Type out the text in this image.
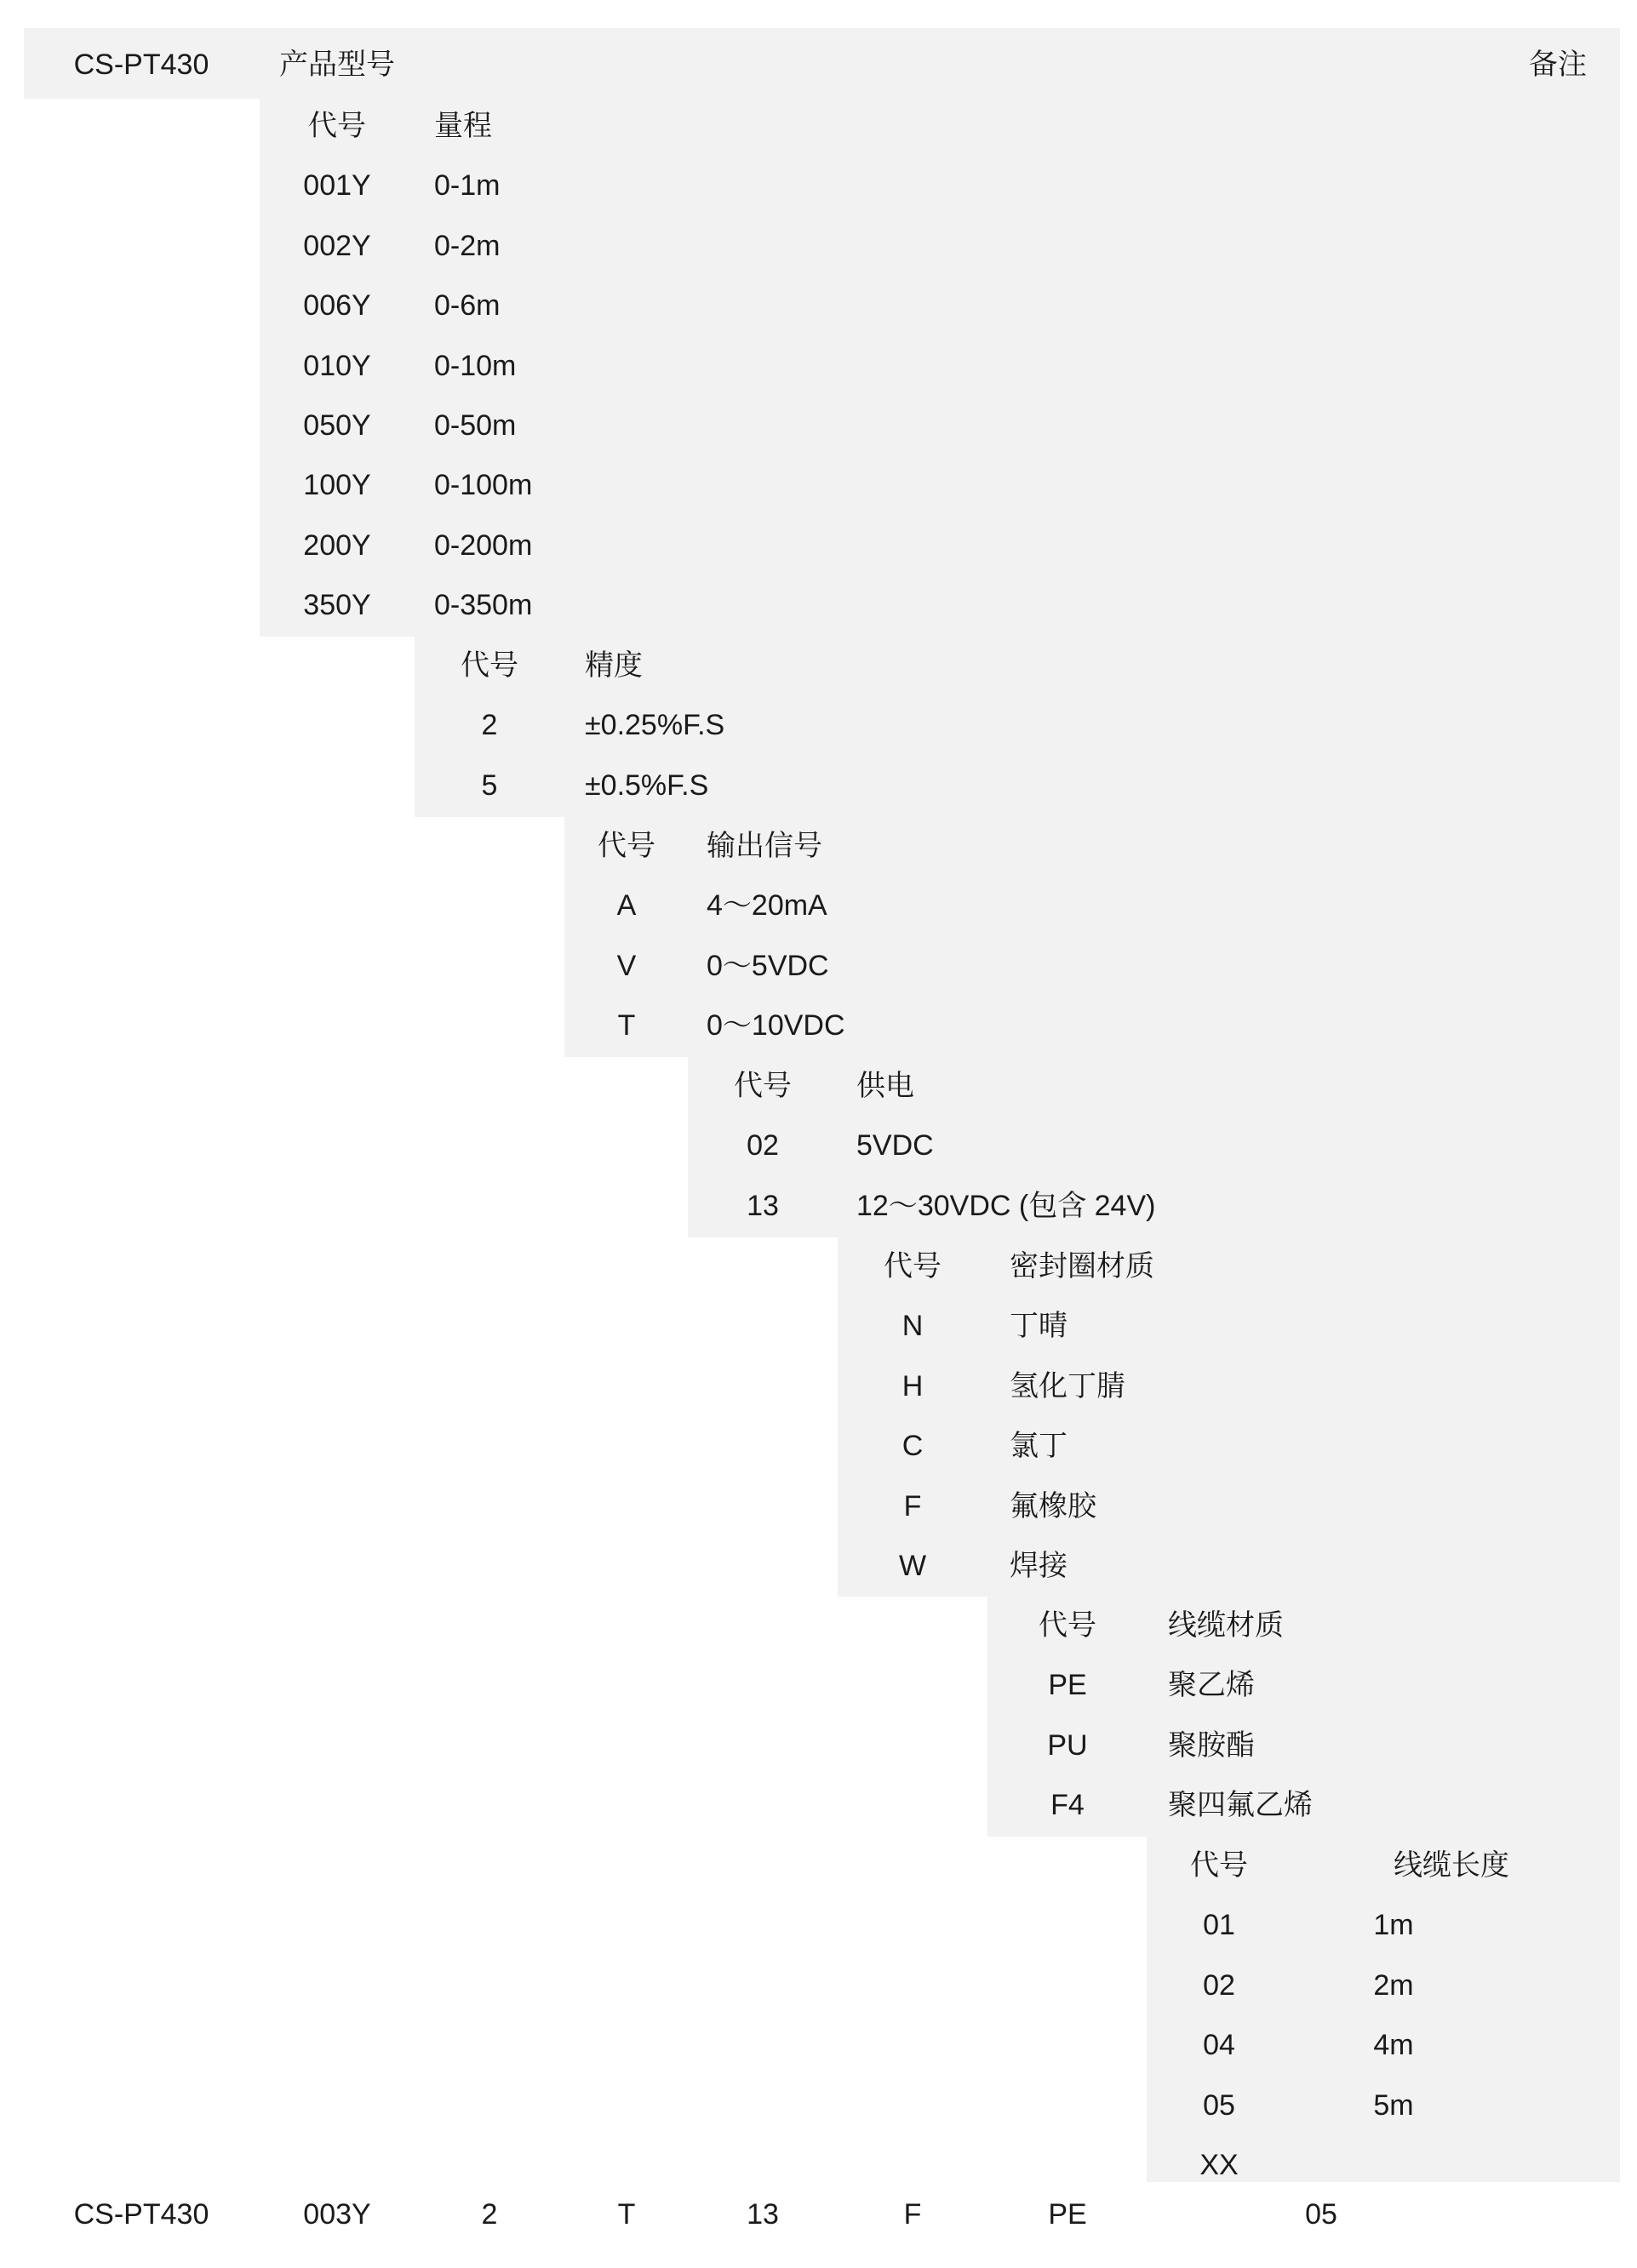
CS-PT430 产品型号	备注
代号 量程
001Y 0-1m
002Y 0-2m
006Y 0-6m
010Y 0-10m
050Y 0-50m
100Y 0-100m
200Y 0-200m
350Y 0-350m
代号 精度
2	±0.25%F.S
5	±0.5%F.S
代号 输出信号
A 4～20mA
V 0～5VDC
T 0～10VDC
代号 供电
02	5VDC
13	12～30VDC (包含 24V)
代号 密封圈材质
N	丁晴
H	氢化丁腈
C	氯丁
F	氟橡胶
W	焊接
代号 线缆材质
PE	聚乙烯
PU	聚胺酯
F4	聚四氟乙烯
代号	线缆长度
01	1m
02	2m
04	4m
05	5m
XX
CS-PT430	003Y	2	T	13	F	PE	05
